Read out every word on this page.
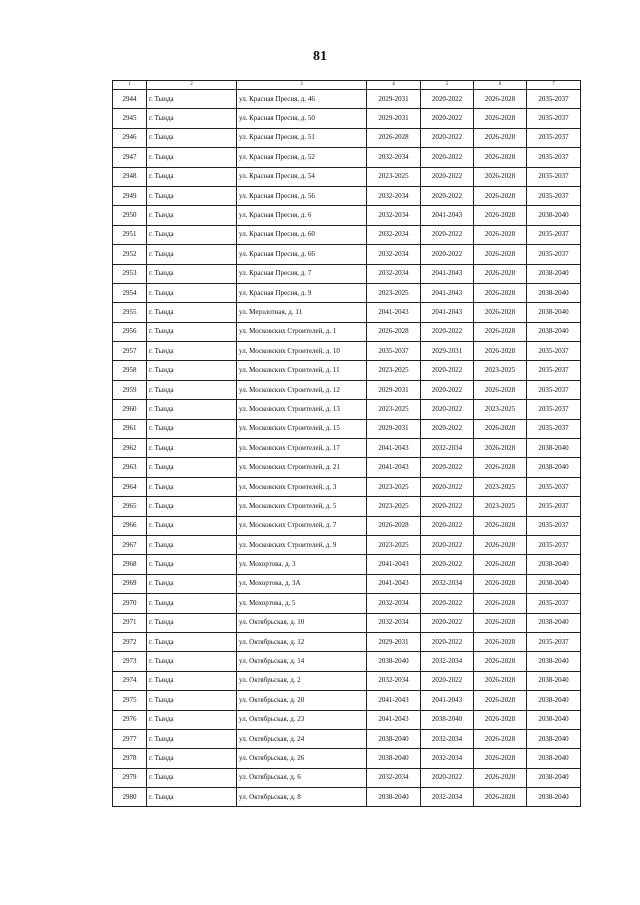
81
1	2	3	4	5	6	7
2944	г. Тында	ул. Красная Пресня, д. 46	2029-2031	2020-2022	2026-2028	2035-2037
2945	г. Тында	ул. Красная Пресня, д. 50	2029-2031	2020-2022	2026-2028	2035-2037
2946	г. Тында	ул. Красная Пресня, д. 51	2026-2028	2020-2022	2026-2028	2035-2037
2947	г. Тында	ул. Красная Пресня, д. 52	2032-2034	2020-2022	2026-2028	2035-2037
2948	г. Тында	ул. Красная Пресня, д. 54	2023-2025	2020-2022	2026-2028	2035-2037
2949	г. Тында	ул. Красная Пресня, д. 56	2032-2034	2020-2022	2026-2028	2035-2037
2950	г. Тында	ул. Красная Пресня, д. 6	2032-2034	2041-2043	2026-2028	2038-2040
2951	г. Тында	ул. Красная Пресня, д. 60	2032-2034	2020-2022	2026-2028	2035-2037
2952	г. Тында	ул. Красная Пресня, д. 66	2032-2034	2020-2022	2026-2028	2035-2037
2953	г. Тында	ул. Красная Пресня, д. 7	2032-2034	2041-2043	2026-2028	2038-2040
2954	г. Тында	ул. Красная Пресня, д. 9	2023-2025	2041-2043	2026-2028	2038-2040
2955	г. Тында	ул. Мерзлотная, д. 11	2041-2043	2041-2043	2026-2028	2038-2040
2956	г. Тында	ул. Московских Строителей, д. 1	2026-2028	2020-2022	2026-2028	2038-2040
2957	г. Тында	ул. Московских Строителей, д. 10	2035-2037	2029-2031	2026-2028	2035-2037
2958	г. Тында	ул. Московских Строителей, д. 11	2023-2025	2020-2022	2023-2025	2035-2037
2959	г. Тында	ул. Московских Строителей, д. 12	2029-2031	2020-2022	2026-2028	2035-2037
2960	г. Тында	ул. Московских Строителей, д. 13	2023-2025	2020-2022	2023-2025	2035-2037
2961	г. Тында	ул. Московских Строителей, д. 15	2029-2031	2020-2022	2026-2028	2035-2037
2962	г. Тында	ул. Московских Строителей, д. 17	2041-2043	2032-2034	2026-2028	2038-2040
2963	г. Тында	ул. Московских Строителей, д. 21	2041-2043	2020-2022	2026-2028	2038-2040
2964	г. Тында	ул. Московских Строителей, д. 3	2023-2025	2020-2022	2023-2025	2035-2037
2965	г. Тында	ул. Московских Строителей, д. 5	2023-2025	2020-2022	2023-2025	2035-2037
2966	г. Тында	ул. Московских Строителей, д. 7	2026-2028	2020-2022	2026-2028	2035-2037
2967	г. Тында	ул. Московских Строителей, д. 9	2023-2025	2020-2022	2026-2028	2035-2037
2968	г. Тында	ул. Мохортова, д. 3	2041-2043	2020-2022	2026-2028	2038-2040
2969	г. Тында	ул. Мохортова, д. 3А	2041-2043	2032-2034	2026-2028	2038-2040
2970	г. Тында	ул. Мохортова, д. 5	2032-2034	2020-2022	2026-2028	2035-2037
2971	г. Тында	ул. Октябрьская, д. 10	2032-2034	2020-2022	2026-2028	2038-2040
2972	г. Тында	ул. Октябрьская, д. 12	2029-2031	2020-2022	2026-2028	2035-2037
2973	г. Тында	ул. Октябрьская, д. 14	2038-2040	2032-2034	2026-2028	2038-2040
2974	г. Тында	ул. Октябрьская, д. 2	2032-2034	2020-2022	2026-2028	2038-2040
2975	г. Тында	ул. Октябрьская, д. 20	2041-2043	2041-2043	2026-2028	2038-2040
2976	г. Тында	ул. Октябрьская, д. 23	2041-2043	2038-2040	2026-2028	2038-2040
2977	г. Тында	ул. Октябрьская, д. 24	2038-2040	2032-2034	2026-2028	2038-2040
2978	г. Тында	ул. Октябрьская, д. 26	2038-2040	2032-2034	2026-2028	2038-2040
2979	г. Тында	ул. Октябрьская, д. 6	2032-2034	2020-2022	2026-2028	2038-2040
2980	г. Тында	ул. Октябрьская, д. 8	2038-2040	2032-2034	2026-2028	2038-2040
